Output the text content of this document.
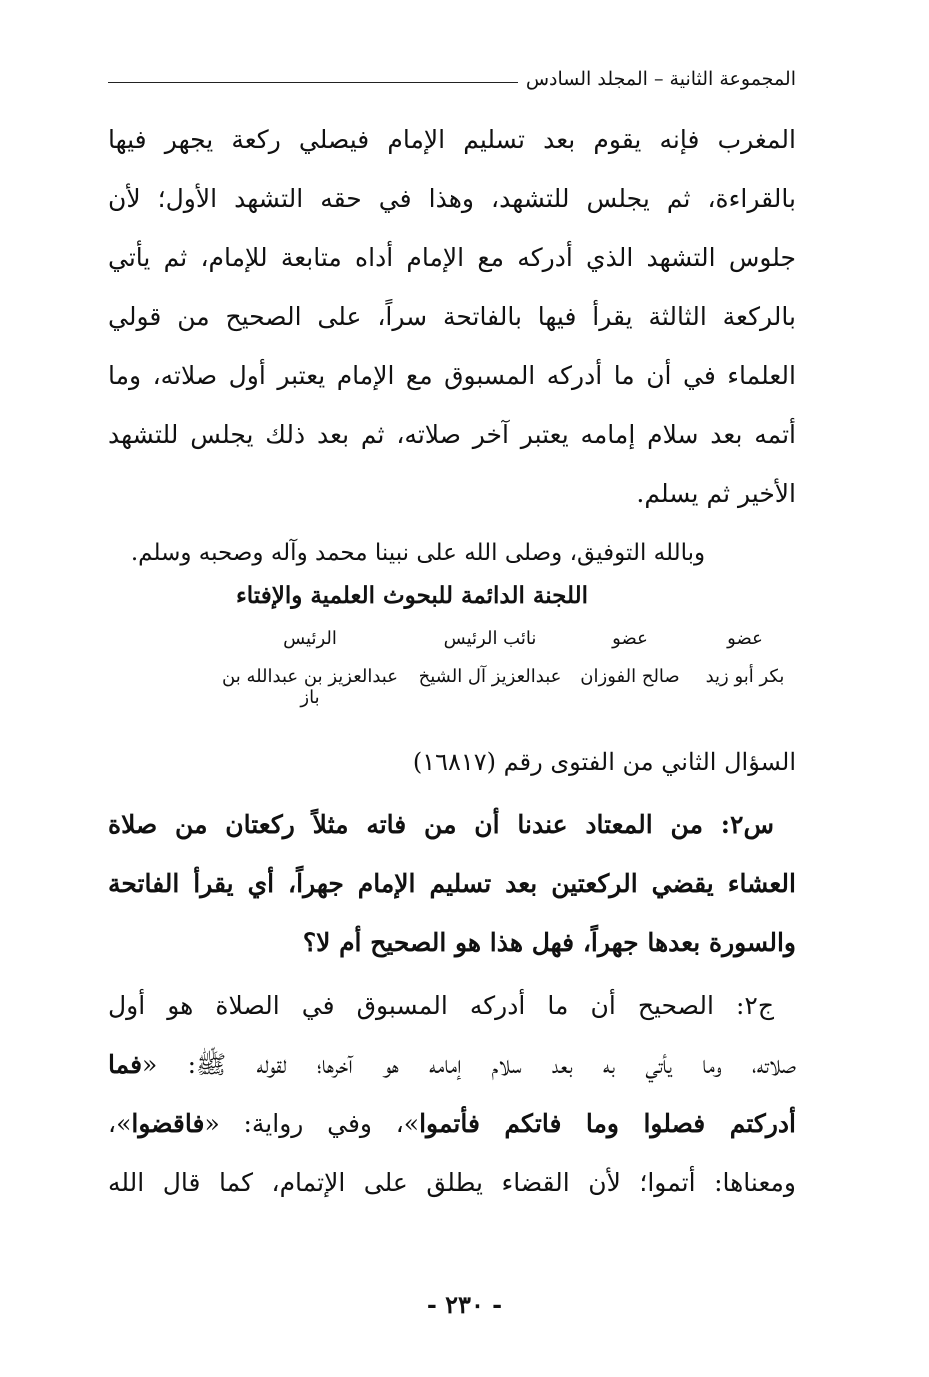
المجموعة الثانية – المجلد السادس
المغرب فإنه يقوم بعد تسليم الإمام فيصلي ركعة يجهر فيها
بالقراءة، ثم يجلس للتشهد، وهذا في حقه التشهد الأول؛ لأن
جلوس التشهد الذي أدركه مع الإمام أداه متابعة للإمام، ثم يأتي
بالركعة الثالثة يقرأ فيها بالفاتحة سراً، على الصحيح من قولي
العلماء في أن ما أدركه المسبوق مع الإمام يعتبر أول صلاته، وما
أتمه بعد سلام إمامه يعتبر آخر صلاته، ثم بعد ذلك يجلس للتشهد
الأخير ثم يسلم.
وبالله التوفيق، وصلى الله على نبينا محمد وآله وصحبه وسلم.
اللجنة الدائمة للبحوث العلمية والإفتاء
عضو
عضو
نائب الرئيس
الرئيس
بكر أبو زيد
صالح الفوزان
عبدالعزيز آل الشيخ
عبدالعزيز بن عبدالله بن باز
السؤال الثاني من الفتوى رقم (١٦٨١٧)
س٢: من المعتاد عندنا أن من فاته مثلاً ركعتان من صلاة
العشاء يقضي الركعتين بعد تسليم الإمام جهراً، أي يقرأ الفاتحة
والسورة بعدها جهراً، فهل هذا هو الصحيح أم لا؟
ج٢: الصحيح أن ما أدركه المسبوق في الصلاة هو أول
صلاته، وما يأتي به بعد سلام إمامه هو آخرها؛ لقوله ﷺ: «فما
أدركتم فصلوا وما فاتكم فأتموا»، وفي رواية: «فاقضوا»،
ومعناها: أتموا؛ لأن القضاء يطلق على الإتمام، كما قال الله
- ٢٣٠ -
